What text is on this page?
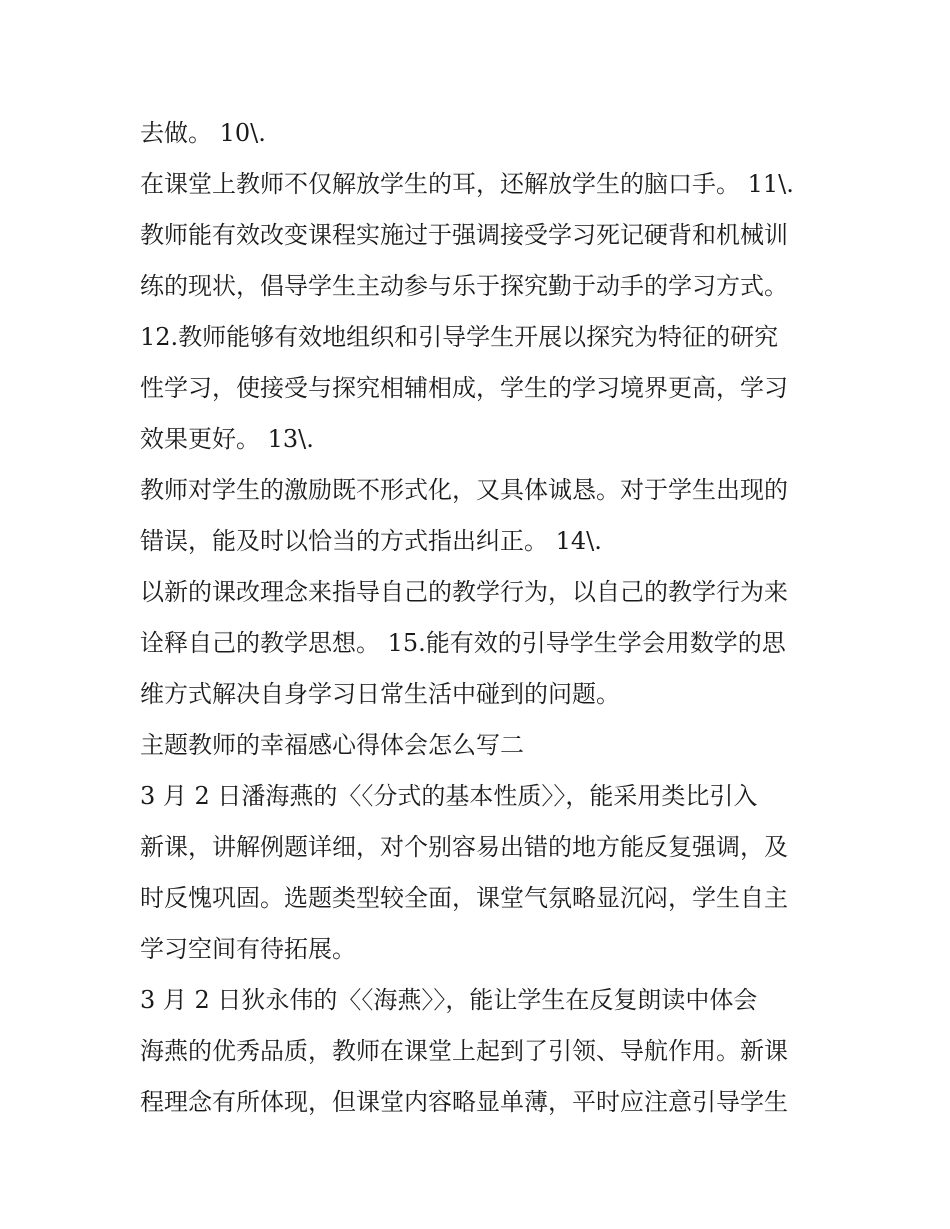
去做。 10\.
在课堂上教师不仅解放学生的耳，还解放学生的脑口手。 11\.
教师能有效改变课程实施过于强调接受学习死记硬背和机械训
练的现状，倡导学生主动参与乐于探究勤于动手的学习方式。
12.教师能够有效地组织和引导学生开展以探究为特征的研究
性学习，使接受与探究相辅相成，学生的学习境界更高，学习
效果更好。 13\.
教师对学生的激励既不形式化，又具体诚恳。对于学生出现的
错误，能及时以恰当的方式指出纠正。 14\.
以新的课改理念来指导自己的教学行为，以自己的教学行为来
诠释自己的教学思想。 15.能有效的引导学生学会用数学的思
维方式解决自身学习日常生活中碰到的问题。
主题教师的幸福感心得体会怎么写二
3 月 2 日潘海燕的〈〈分式的基本性质〉〉，能采用类比引入
新课，讲解例题详细，对个别容易出错的地方能反复强调，及
时反愧巩固。选题类型较全面，课堂气氛略显沉闷，学生自主
学习空间有待拓展。
3 月 2 日狄永伟的〈〈海燕〉〉，能让学生在反复朗读中体会
海燕的优秀品质，教师在课堂上起到了引领、导航作用。新课
程理念有所体现，但课堂内容略显单薄，平时应注意引导学生
